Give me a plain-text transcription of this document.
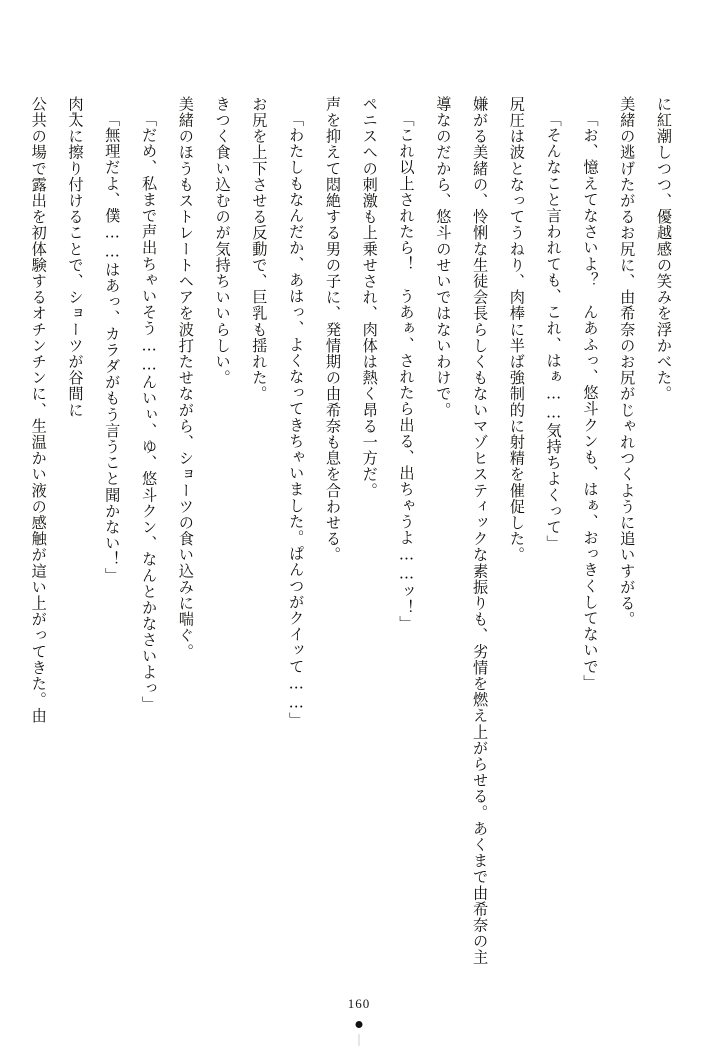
に紅潮しつつ、優越感の笑みを浮かべた。

美緒の逃げたがるお尻に、由希奈のお尻がじゃれつくように追いすがる。

「お、憶えてなさいよ？　んあふっ、悠斗クンも、はぁ、おっきくしてないで」

「そんなこと言われても、これ、はぁ……気持ちよくって」

尻圧は波となってうねり、肉棒に半ば強制的に射精を催促した。

嫌がる美緒の、怜悧な生徒会長らしくもないマゾヒスティックな素振りも、劣情を燃え上がらせる。あくまで由希奈の主導なのだから、悠斗のせいではないわけで。

「これ以上されたら！　うあぁ、されたら出る、出ちゃうよ……ッ！」

ペニスへの刺激も上乗せされ、肉体は熱く昂る一方だ。

声を抑えて悶絶する男の子に、発情期の由希奈も息を合わせる。

「わたしもなんだか、あはっ、よくなってきちゃいました。ぱんつがクイッて……」

お尻を上下させる反動で、巨乳も揺れた。

きつく食い込むのが気持ちいいらしい。

美緒のほうもストレートヘアを波打たせながら、ショーツの食い込みに喘ぐ。

「だめ、私まで声出ちゃいそう……んいぃ、ゆ、悠斗クン、なんとかなさいよっ」

「無理だよ、僕……はあっ、カラダがもう言うこと聞かない！」

肉太に擦り付けることで、ショーツが谷間に

公共の場で露出を初体験するオチンチンに、生温かい液の感触が這い上がってきた。由

160
